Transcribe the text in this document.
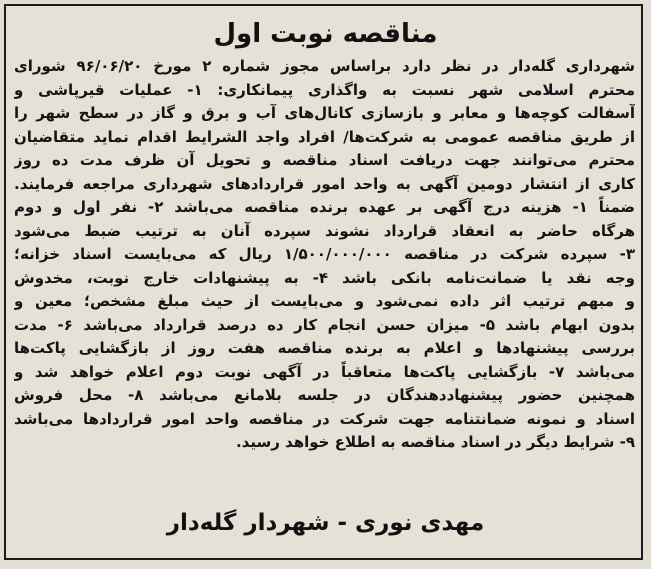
مناقصه نوبت اول
شهرداری گله‌دار در نظر دارد براساس مجوز شماره ۲ مورخ ۹۶/۰۶/۲۰ شورای
محترم اسلامی شهر نسبت به واگذاری پیمانکاری: ۱- عملیات قیرپاشی و
آسفالت کوچه‌ها و معابر و بازسازی کانال‌های آب و برق و گاز در سطح شهر را
از طریق مناقصه عمومی به شرکت‌ها/ افراد واجد الشرایط اقدام نماید متقاضیان
محترم می‌توانند جهت دریافت اسناد مناقصه و تحویل آن ظرف مدت ده روز
کاری از انتشار دومین آگهی به واحد امور قراردادهای شهرداری مراجعه فرمایند.
ضمناً ۱- هزینه درج آگهی بر عهده برنده مناقصه می‌باشد ۲- نفر اول و دوم
هرگاه حاضر به انعقاد قرارداد نشوند سپرده آنان به ترتیب ضبط می‌شود
۳- سپرده شرکت در مناقصه ۱/۵۰۰/۰۰۰/۰۰۰ ریال که می‌بایست اسناد خزانه؛
وجه نقد یا ضمانت‌نامه بانکی باشد ۴- به پیشنهادات خارج نوبت، مخدوش
و مبهم ترتیب اثر داده نمی‌شود و می‌بایست از حیث مبلغ مشخص؛ معین و
بدون ابهام باشد ۵- میزان حسن انجام کار ده درصد قرارداد می‌باشد ۶- مدت
بررسی پیشنهادها و اعلام به برنده مناقصه هفت روز از بازگشایی پاکت‌ها
می‌باشد ۷- بازگشایی پاکت‌ها متعاقباً در آگهی نوبت دوم اعلام خواهد شد و
همچنین حضور پیشنهاددهندگان در جلسه بلامانع می‌باشد ۸- محل فروش
اسناد و نمونه ضمانتنامه جهت شرکت در مناقصه واحد امور قراردادها می‌باشد
۹- شرایط دیگر در اسناد مناقصه به اطلاع خواهد رسید.
مهدی نوری - شهردار گله‌دار
